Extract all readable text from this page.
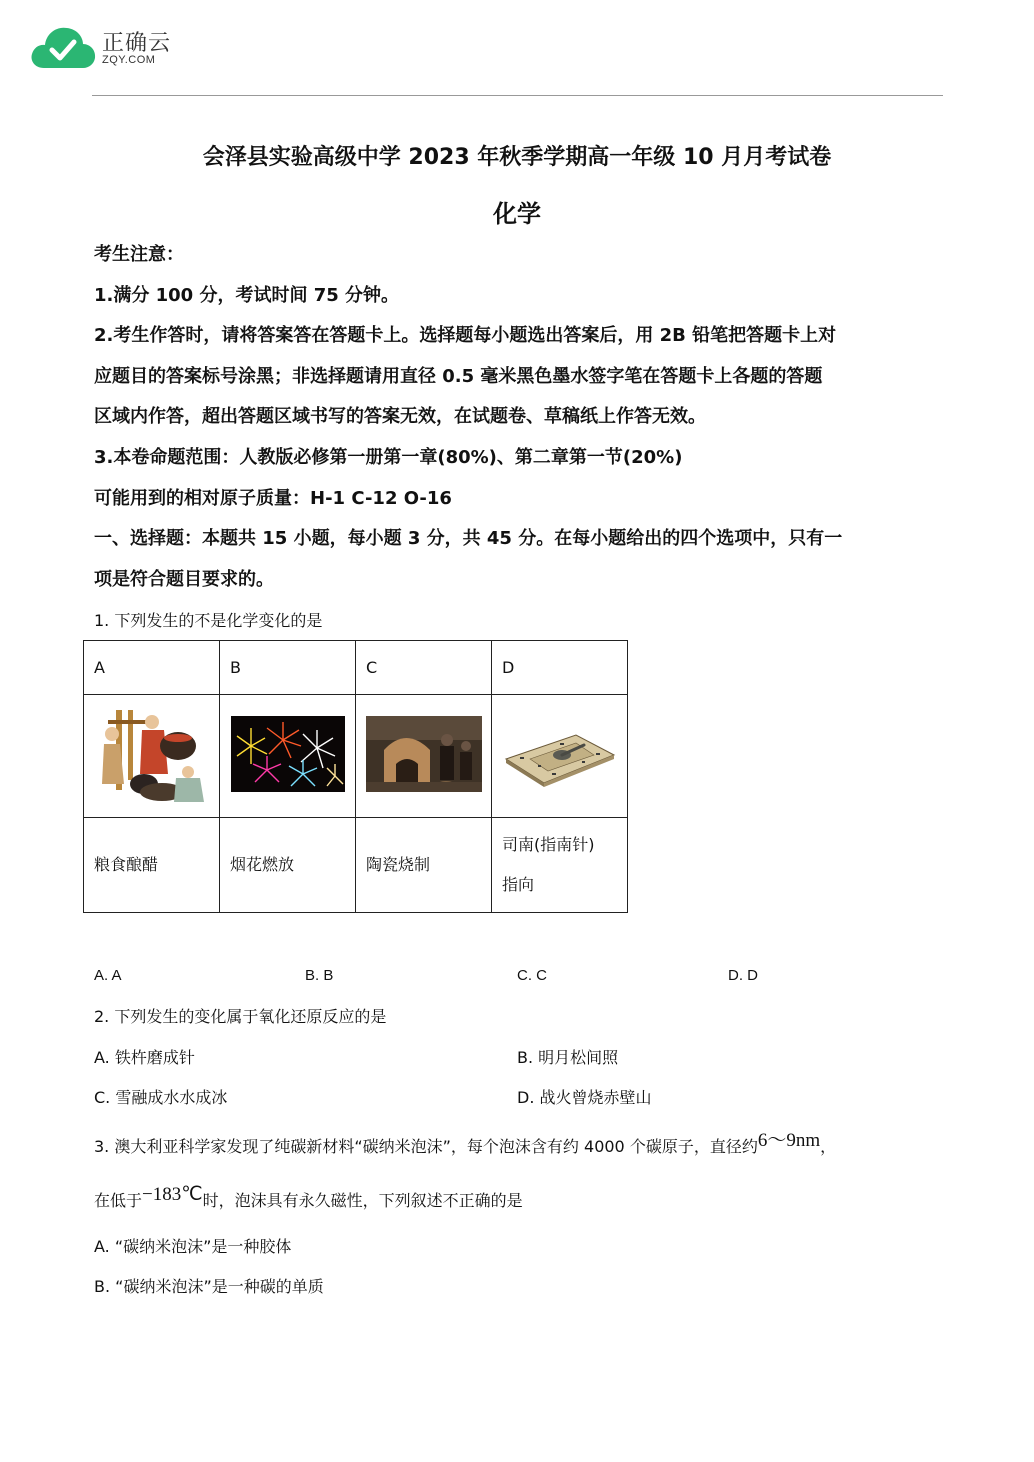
正确云
ZQY.COM
会泽县实验高级中学 2023 年秋季学期高一年级 10 月月考试卷
化学
考生注意：
1.满分 100 分，考试时间 75 分钟。
2.考生作答时，请将答案答在答题卡上。选择题每小题选出答案后，用 2B 铅笔把答题卡上对
应题目的答案标号涂黑；非选择题请用直径 0.5 毫米黑色墨水签字笔在答题卡上各题的答题
区域内作答，超出答题区域书写的答案无效，在试题卷、草稿纸上作答无效。
3.本卷命题范围：人教版必修第一册第一章(80%)、第二章第一节(20%)
可能用到的相对原子质量：H-1 C-12 O-16
一、选择题：本题共 15 小题，每小题 3 分，共 45 分。在每小题给出的四个选项中，只有一
项是符合题目要求的。
1. 下列发生的不是化学变化的是
A	B	C	D

粮食酿醋	烟花燃放	陶瓷烧制	司南(指南针)
指向
A. A	B. B	C. C	D. D
2. 下列发生的变化属于氧化还原反应的是
A. 铁杵磨成针	B. 明月松间照
C. 雪融成水水成冰	D. 战火曾烧赤壁山
3. 澳大利亚科学家发现了纯碳新材料“碳纳米泡沫”，每个泡沫含有约 4000 个碳原子，直径约6～9nm，
在低于−183℃时，泡沫具有永久磁性，下列叙述不正确的是
A. “碳纳米泡沫”是一种胶体
B. “碳纳米泡沫”是一种碳的单质
